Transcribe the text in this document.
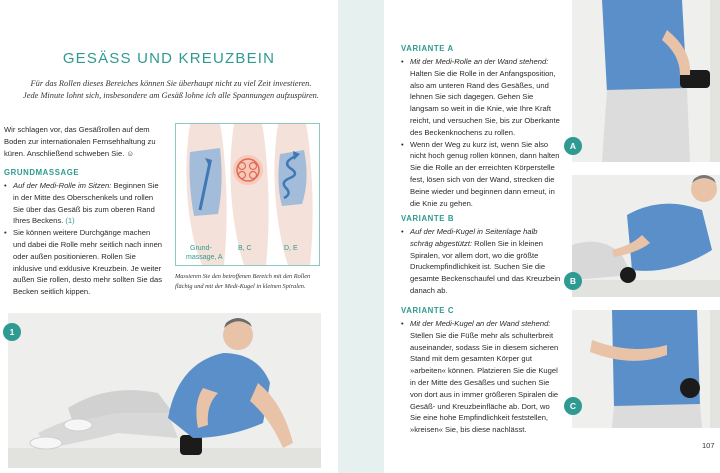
GESÄSS UND KREUZBEIN
Für das Rollen dieses Bereiches können Sie überhaupt nicht zu viel Zeit investieren.
Jede Minute lohnt sich, insbesondere am Gesäß lohne ich alle Spannungen aufzuspüren.
Wir schlagen vor, das Gesäßrollen auf dem Boden zur internationalen Fernsehhaltung zu küren. Anschließend schweben Sie. ☺
GRUNDMASSAGE
• Auf der Medi-Rolle im Sitzen: Beginnen Sie in der Mitte des Oberschenkels und rollen Sie über das Gesäß bis zum oberen Rand Ihres Beckens. (1)
• Sie können weitere Durchgänge machen und dabei die Rolle mehr seitlich nach innen oder außen positionieren. Rollen Sie inklusive und exklusive Kreuzbein. Je weiter außen Sie rollen, desto mehr sollten Sie das Becken seitlich kippen.
Grund-
massage, A
B, C	D, E
Massieren Sie den betroffenen Bereich mit den Rollen flächig und mit der Medi-Kugel in kleinen Spiralen.
1
VARIANTE A
• Mit der Medi-Rolle an der Wand stehend: Halten Sie die Rolle in der Anfangsposition, also am unteren Rand des Gesäßes, und lehnen Sie sich dagegen. Gehen Sie langsam so weit in die Knie, wie Ihre Kraft reicht, und versuchen Sie, bis zur Oberkante des Beckenknochens zu rollen.
• Wenn der Weg zu kurz ist, wenn Sie also nicht hoch genug rollen können, dann halten Sie die Rolle an der erreichten Körperstelle fest, lösen sich von der Wand, strecken die Beine wieder und beginnen dann erneut, in die Knie zu gehen.
VARIANTE B
• Auf der Medi-Kugel in Seitenlage halb schräg abgestützt: Rollen Sie in kleinen Spiralen, vor allem dort, wo die größte Druckempfindlichkeit ist. Suchen Sie die gesamte Beckenschaufel und das Kreuzbein danach ab.
VARIANTE C
• Mit der Medi-Kugel an der Wand stehend: Stellen Sie die Füße mehr als schulterbreit auseinander, sodass Sie in diesem sicheren Stand mit dem gesamten Körper gut »arbeiten« können. Platzieren Sie die Kugel in der Mitte des Gesäßes und suchen Sie von dort aus in immer größeren Spiralen die Gesäß- und Kreuzbeinfläche ab. Dort, wo Sie eine hohe Empfindlichkeit feststellen, »kreisen« Sie, bis diese nachlässt.
A
B
C
107
